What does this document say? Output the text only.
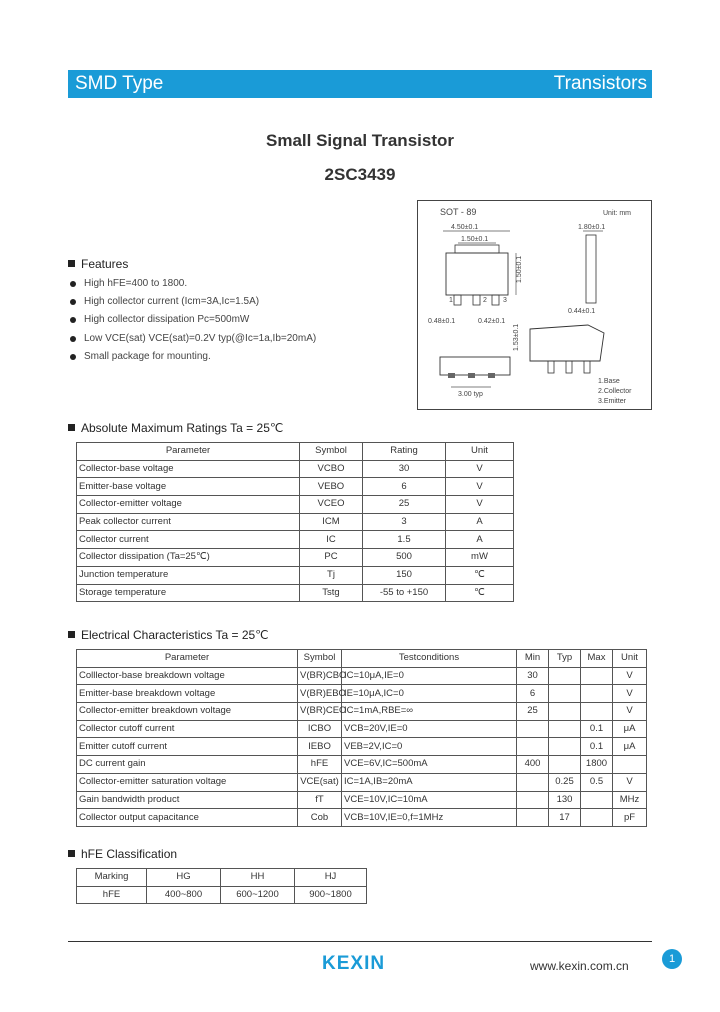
SMD Type	Transistors
Small Signal Transistor
2SC3439
Features
High hFE=400 to 1800.
High collector current (Icm=3A,Ic=1.5A)
High collector dissipation Pc=500mW
Low VCE(sat) VCE(sat)=0.2V typ(@Ic=1a,Ib=20mA)
Small package for mounting.
SOT - 89	Unit: mm
4.50±0.1
1.50±0.1
1	2 3
1.50±0.1
0.48±0.1	0.42±0.1
1.80±0.1
0.44±0.1
1.53±0.1
3.00 typ
1.Base
2.Collector
3.Emitter
Absolute Maximum Ratings Ta = 25℃
Parameter	Symbol	Rating	Unit
Collector-base voltage	VCBO	30	V
Emitter-base voltage	VEBO	6	V
Collector-emitter voltage	VCEO	25	V
Peak collector current	ICM	3	A
Collector current	IC	1.5	A
Collector dissipation (Ta=25℃)	PC	500	mW
Junction temperature	Tj	150	℃
Storage temperature	Tstg	-55 to +150	℃
Electrical Characteristics Ta = 25℃
Parameter	Symbol	Testconditions	Min	Typ	Max	Unit
Colllector-base breakdown voltage	V(BR)CBO	IC=10μA,IE=0	30			V
Emitter-base breakdown voltage	V(BR)EBO	IE=10μA,IC=0	6			V
Collector-emitter breakdown voltage	V(BR)CEO	IC=1mA,RBE=∞	25			V
Collector cutoff current	ICBO	VCB=20V,IE=0			0.1	μA
Emitter cutoff current	IEBO	VEB=2V,IC=0			0.1	μA
DC current gain	hFE	VCE=6V,IC=500mA	400		1800	
Collector-emitter saturation voltage	VCE(sat)	IC=1A,IB=20mA		0.25	0.5	V
Gain bandwidth product	fT	VCE=10V,IC=10mA		130		MHz
Collector output capacitance	Cob	VCB=10V,IE=0,f=1MHz		17		pF
hFE Classification
Marking	HG	HH	HJ
hFE	400~800	600~1200	900~1800
KEXIN	www.kexin.com.cn	1
